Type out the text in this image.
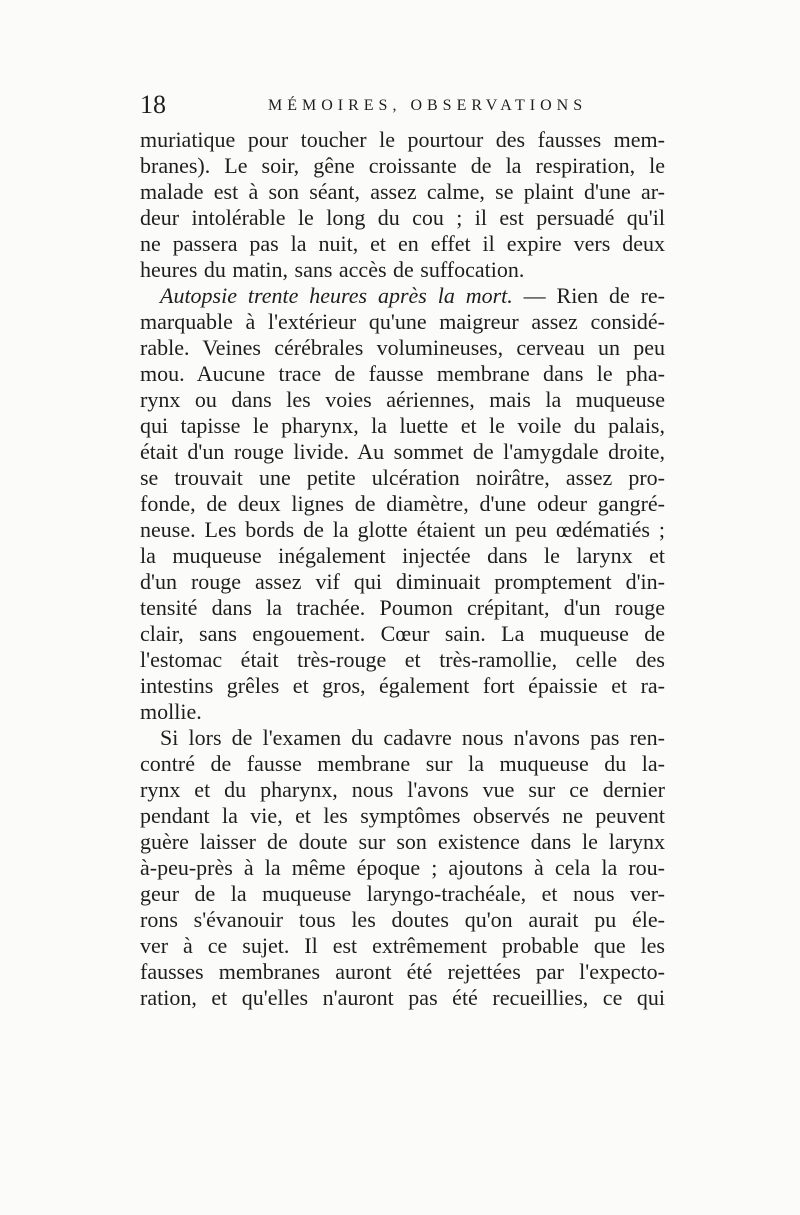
18	MÉMOIRES, OBSERVATIONS
muriatique pour toucher le pourtour des fausses mem-
branes). Le soir, gêne croissante de la respiration, le
malade est à son séant, assez calme, se plaint d'une ar-
deur intolérable le long du cou ; il est persuadé qu'il
ne passera pas la nuit, et en effet il expire vers deux
heures du matin, sans accès de suffocation.
Autopsie trente heures après la mort. — Rien de re-
marquable à l'extérieur qu'une maigreur assez considé-
rable. Veines cérébrales volumineuses, cerveau un peu
mou. Aucune trace de fausse membrane dans le pha-
rynx ou dans les voies aériennes, mais la muqueuse
qui tapisse le pharynx, la luette et le voile du palais,
était d'un rouge livide. Au sommet de l'amygdale droite,
se trouvait une petite ulcération noirâtre, assez pro-
fonde, de deux lignes de diamètre, d'une odeur gangré-
neuse. Les bords de la glotte étaient un peu œdématiés ;
la muqueuse inégalement injectée dans le larynx et
d'un rouge assez vif qui diminuait promptement d'in-
tensité dans la trachée. Poumon crépitant, d'un rouge
clair, sans engouement. Cœur sain. La muqueuse de
l'estomac était très-rouge et très-ramollie, celle des
intestins grêles et gros, également fort épaissie et ra-
mollie.
Si lors de l'examen du cadavre nous n'avons pas ren-
contré de fausse membrane sur la muqueuse du la-
rynx et du pharynx, nous l'avons vue sur ce dernier
pendant la vie, et les symptômes observés ne peuvent
guère laisser de doute sur son existence dans le larynx
à-peu-près à la même époque ; ajoutons à cela la rou-
geur de la muqueuse laryngo-trachéale, et nous ver-
rons s'évanouir tous les doutes qu'on aurait pu éle-
ver à ce sujet. Il est extrêmement probable que les
fausses membranes auront été rejettées par l'expecto-
ration, et qu'elles n'auront pas été recueillies, ce qui
